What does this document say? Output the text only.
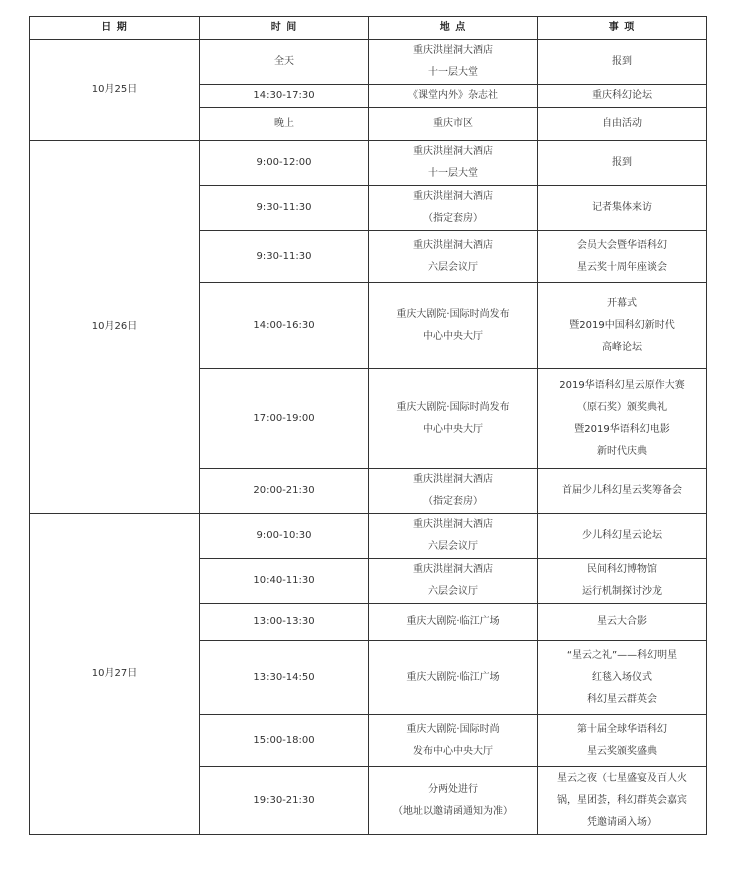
日 期	时 间	地 点	事 项
10月25日	全天	重庆洪崖洞大酒店
十一层大堂	报到

	14:30-17:30	《课堂内外》杂志社	重庆科幻论坛

	晚上	重庆市区	自由活动

10月26日	9:00-12:00	重庆洪崖洞大酒店
十一层大堂	报到

	9:30-11:30	重庆洪崖洞大酒店
（指定套房）	记者集体来访

	9:30-11:30	重庆洪崖洞大酒店
六层会议厅	会员大会暨华语科幻
星云奖十周年座谈会

	14:00-16:30	重庆大剧院·国际时尚发布
中心中央大厅	开幕式
暨2019中国科幻新时代
高峰论坛

	17:00-19:00	重庆大剧院·国际时尚发布
中心中央大厅	2019华语科幻星云原作大赛
（原石奖）颁奖典礼
暨2019华语科幻电影
新时代庆典

	20:00-21:30	重庆洪崖洞大酒店
（指定套房）	首届少儿科幻星云奖筹备会

10月27日	9:00-10:30	重庆洪崖洞大酒店
六层会议厅	少儿科幻星云论坛

	10:40-11:30	重庆洪崖洞大酒店
六层会议厅	民间科幻博物馆
运行机制探讨沙龙

	13:00-13:30	重庆大剧院·临江广场	星云大合影

	13:30-14:50	重庆大剧院·临江广场	“星云之礼”——科幻明星
红毯入场仪式
科幻星云群英会

	15:00-18:00	重庆大剧院·国际时尚
发布中心中央大厅	第十届全球华语科幻
星云奖颁奖盛典

	19:30-21:30	分两处进行
（地址以邀请函通知为准）	星云之夜（七星盛宴及百人火
锅，星团荟，科幻群英会嘉宾
凭邀请函入场）
